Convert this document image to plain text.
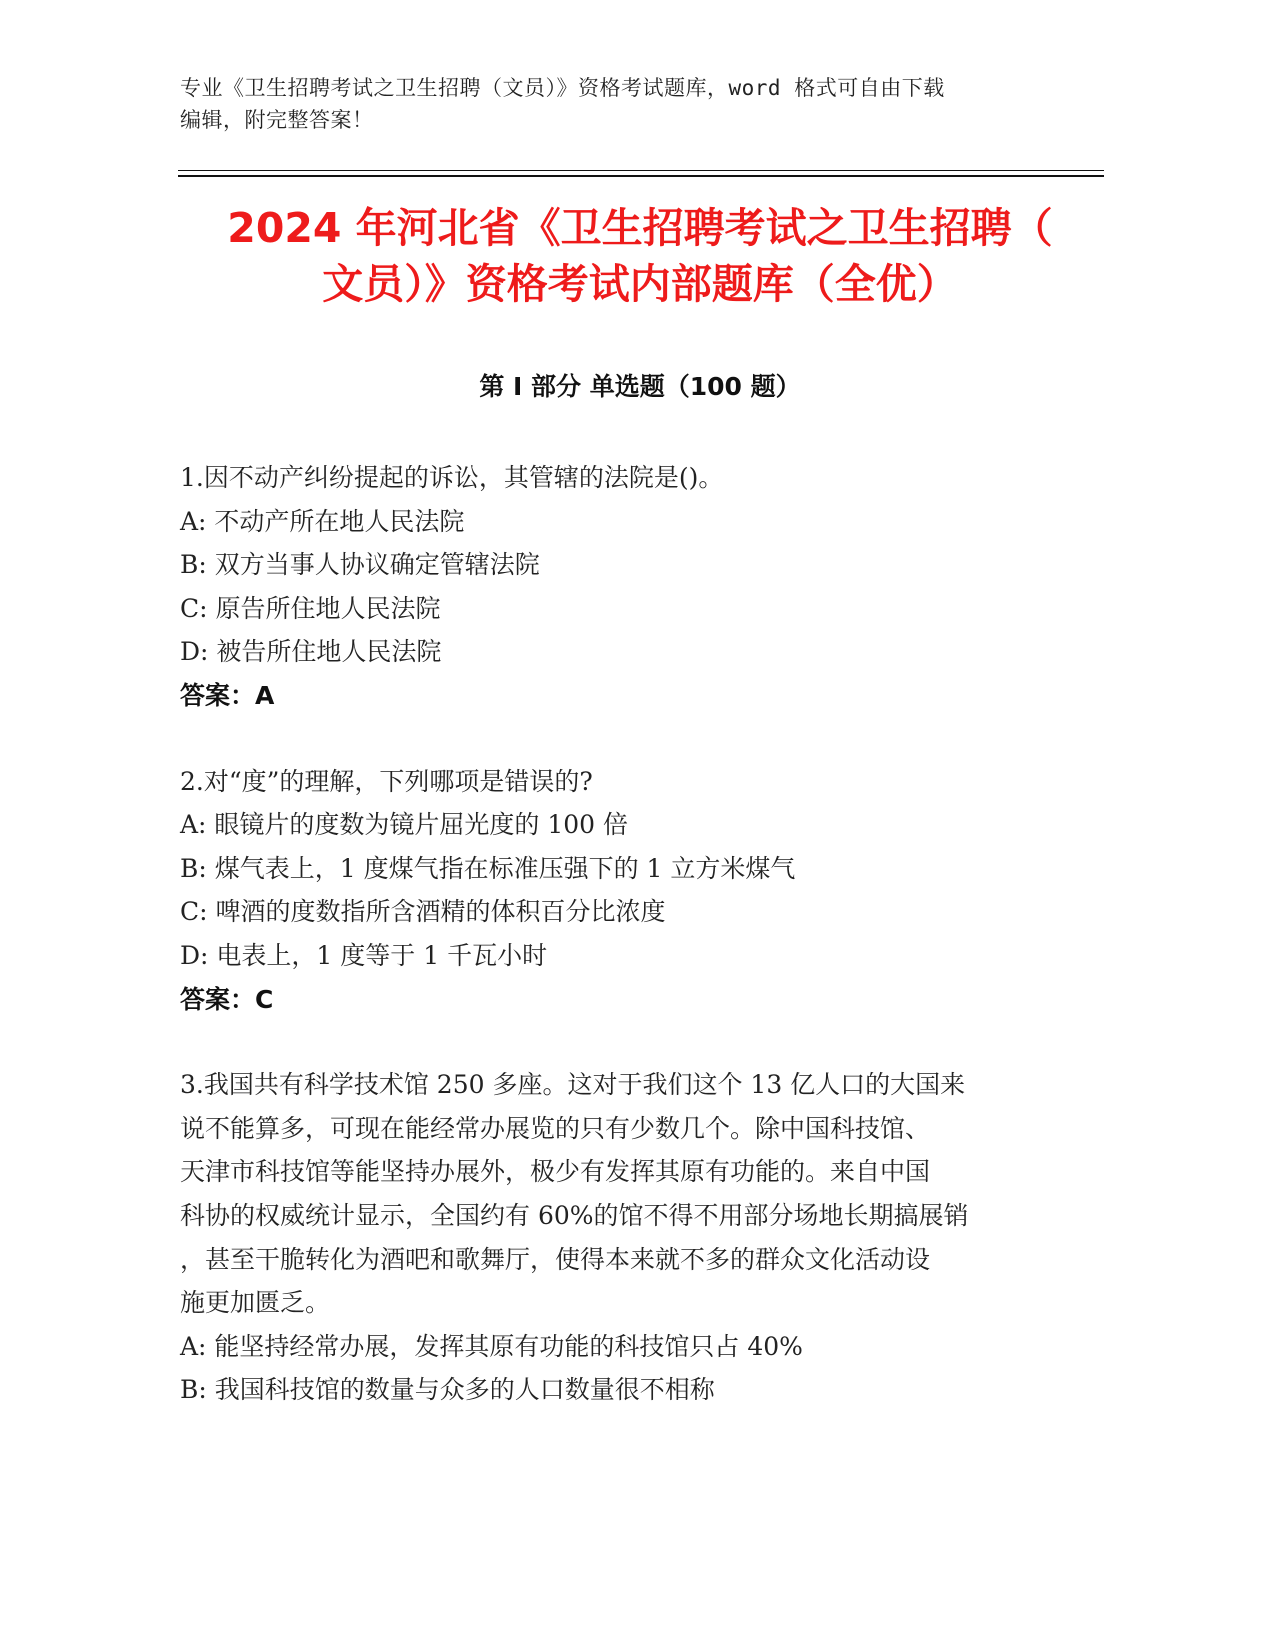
专业《卫生招聘考试之卫生招聘（文员）》资格考试题库，word 格式可自由下载
编辑，附完整答案！
2024 年河北省《卫生招聘考试之卫生招聘（
文员）》资格考试内部题库（全优）
第 I 部分 单选题（100 题）
1.因不动产纠纷提起的诉讼，其管辖的法院是()。
A: 不动产所在地人民法院
B: 双方当事人协议确定管辖法院
C: 原告所住地人民法院
D: 被告所住地人民法院
答案：A
2.对“度”的理解，下列哪项是错误的?
A: 眼镜片的度数为镜片屈光度的 100 倍
B: 煤气表上，1 度煤气指在标准压强下的 1 立方米煤气
C: 啤酒的度数指所含酒精的体积百分比浓度
D: 电表上，1 度等于 1 千瓦小时
答案：C
3.我国共有科学技术馆 250 多座。这对于我们这个 13 亿人口的大国来
说不能算多，可现在能经常办展览的只有少数几个。除中国科技馆、
天津市科技馆等能坚持办展外，极少有发挥其原有功能的。来自中国
科协的权威统计显示，全国约有 60%的馆不得不用部分场地长期搞展销
，甚至干脆转化为酒吧和歌舞厅，使得本来就不多的群众文化活动设
施更加匮乏。
A: 能坚持经常办展，发挥其原有功能的科技馆只占 40%
B: 我国科技馆的数量与众多的人口数量很不相称
